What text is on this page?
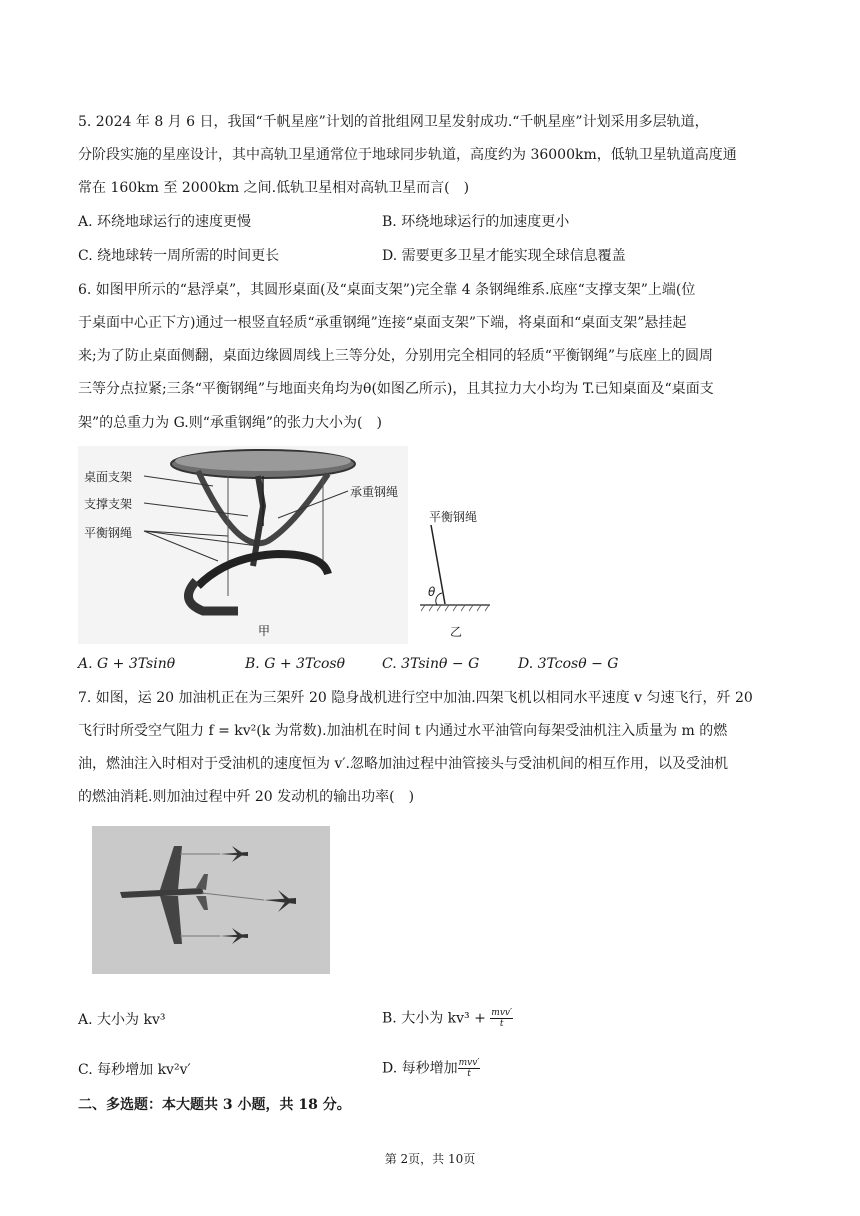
5. 2024 年 8 月 6 日，我国“千帆星座”计划的首批组网卫星发射成功.“千帆星座”计划采用多层轨道，
分阶段实施的星座设计，其中高轨卫星通常位于地球同步轨道，高度约为 36000km，低轨卫星轨道高度通
常在 160km 至 2000km 之间.低轨卫星相对高轨卫星而言(　)
A. 环绕地球运行的速度更慢	B. 环绕地球运行的加速度更小
C. 绕地球转一周所需的时间更长	D. 需要更多卫星才能实现全球信息覆盖
6. 如图甲所示的“悬浮桌”，其圆形桌面(及“桌面支架”)完全靠 4 条钢绳维系.底座“支撑支架”上端(位
于桌面中心正下方)通过一根竖直轻质“承重钢绳”连接“桌面支架”下端，将桌面和“桌面支架”悬挂起
来;为了防止桌面侧翻，桌面边缘圆周线上三等分处，分别用完全相同的轻质“平衡钢绳”与底座上的圆周
三等分点拉紧;三条“平衡钢绳”与地面夹角均为θ(如图乙所示)，且其拉力大小均为 T.已知桌面及“桌面支
架”的总重力为 G.则“承重钢绳”的张力大小为(　)
桌面支架
支撑支架
平衡钢绳
承重钢绳
甲
平衡钢绳
θ
乙
A. G + 3Tsinθ	B. G + 3Tcosθ	C. 3Tsinθ − G	D. 3Tcosθ − G
7. 如图，运 20 加油机正在为三架歼 20 隐身战机进行空中加油.四架飞机以相同水平速度 v 匀速飞行，歼 20
飞行时所受空气阻力 f = kv²(k 为常数).加油机在时间 t 内通过水平油管向每架受油机注入质量为 m 的燃
油，燃油注入时相对于受油机的速度恒为 v′.忽略加油过程中油管接头与受油机间的相互作用，以及受油机
的燃油消耗.则加油过程中歼 20 发动机的输出功率(　)
A. 大小为 kv³	B. 大小为 $kv^3 + \frac{\text{mvv′}}{t}$
C. 每秒增加 kv²v′	D. 每秒增加 $\frac{\text{mvv′}}{t}$
二、多选题：本大题共 3 小题，共 18 分。
第 2页，共 10页
